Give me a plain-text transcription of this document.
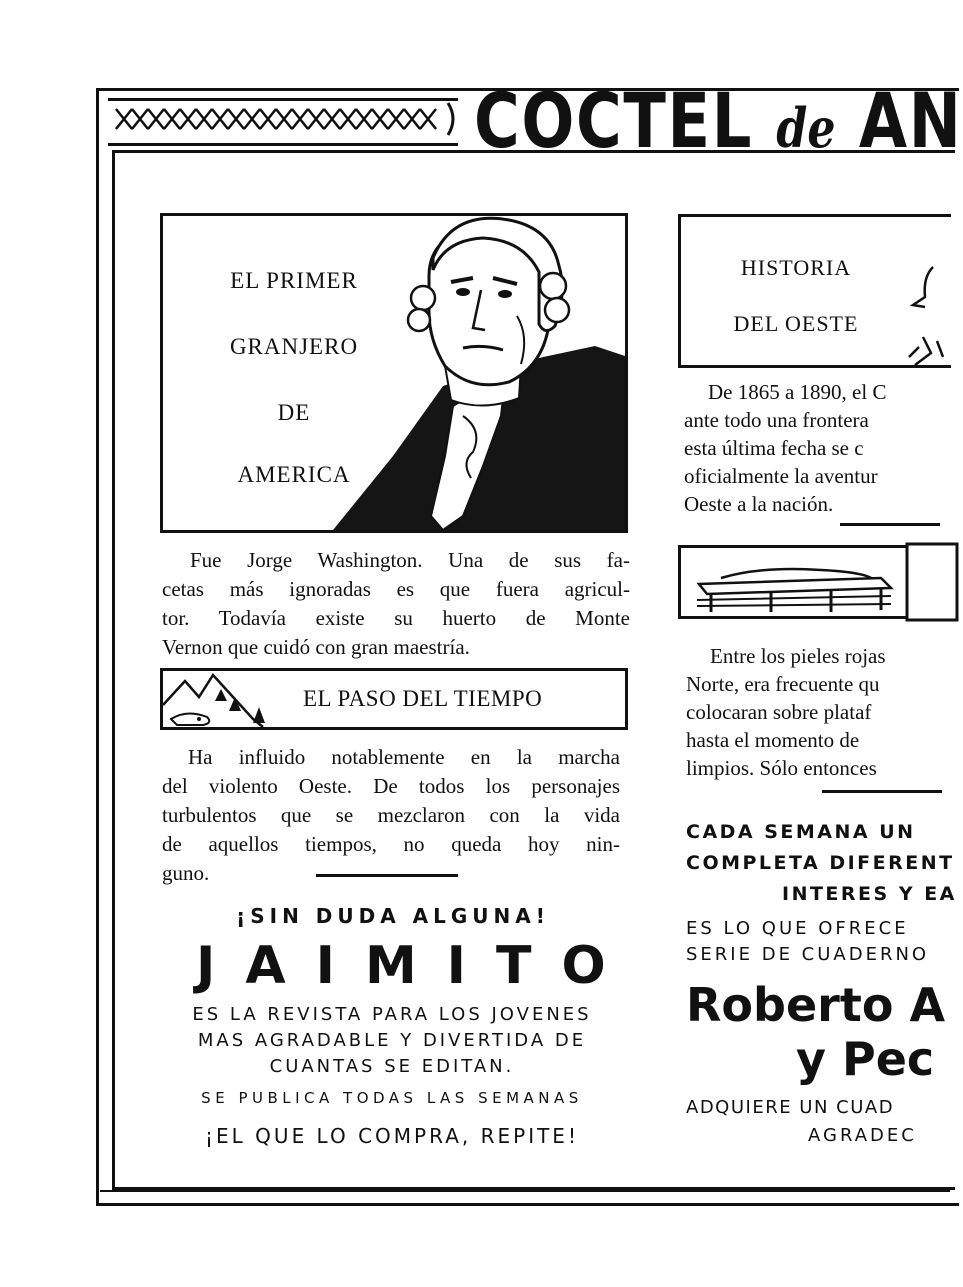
COCTEL de AN
EL PRIMER
GRANJERO
DE
AMERICA
Fue Jorge Washington. Una de sus fa-
cetas más ignoradas es que fuera agricul-
tor. Todavía existe su huerto de Monte
Vernon que cuidó con gran maestría.
EL PASO DEL TIEMPO
Ha influido notablemente en la marcha
del violento Oeste. De todos los personajes
turbulentos que se mezclaron con la vida
de aquellos tiempos, no queda hoy nin-
guno.
¡SIN DUDA ALGUNA!
JAIMITO
ES LA REVISTA PARA LOS JOVENES
MAS AGRADABLE Y DIVERTIDA DE
CUANTAS SE EDITAN.
SE PUBLICA TODAS LAS SEMANAS
¡EL QUE LO COMPRA, REPITE!
HISTORIA
DEL OESTE
De 1865 a 1890, el C
ante todo una frontera
esta última fecha se c
oficialmente la aventur
Oeste a la nación.
Entre los pieles rojas
Norte, era frecuente qu
colocaran sobre plataf
hasta el momento de
limpios. Sólo entonces
CADA SEMANA UN
COMPLETA DIFERENT
INTERES Y EA
ES LO QUE OFRECE
SERIE DE CUADERNO
Roberto A
y Pec
ADQUIERE UN CUAD
AGRADEC
